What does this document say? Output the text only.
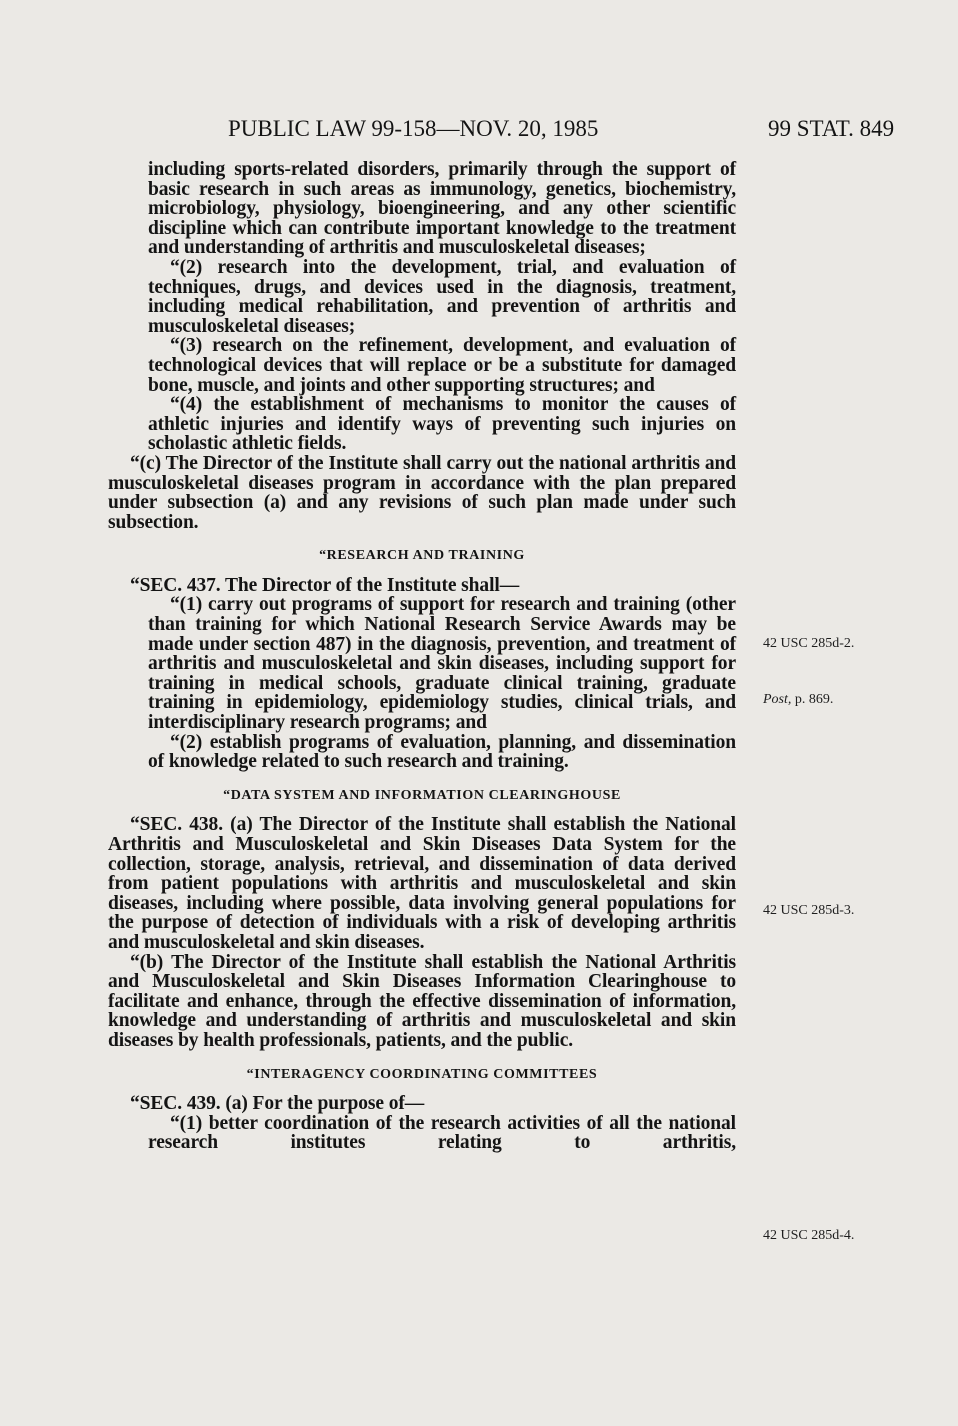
PUBLIC LAW 99-158—NOV. 20, 1985	99 STAT. 849

including sports-related disorders, primarily through the support of basic research in such areas as immunology, genetics, biochemistry, microbiology, physiology, bioengineering, and any other scientific discipline which can contribute important knowledge to the treatment and understanding of arthritis and musculoskeletal diseases;

“(2) research into the development, trial, and evaluation of techniques, drugs, and devices used in the diagnosis, treatment, including medical rehabilitation, and prevention of arthritis and musculoskeletal diseases;

“(3) research on the refinement, development, and evaluation of technological devices that will replace or be a substitute for damaged bone, muscle, and joints and other supporting structures; and

“(4) the establishment of mechanisms to monitor the causes of athletic injuries and identify ways of preventing such injuries on scholastic athletic fields.

“(c) The Director of the Institute shall carry out the national arthritis and musculoskeletal diseases program in accordance with the plan prepared under subsection (a) and any revisions of such plan made under such subsection.

“RESEARCH AND TRAINING

“SEC. 437. The Director of the Institute shall—

“(1) carry out programs of support for research and training (other than training for which National Research Service Awards may be made under section 487) in the diagnosis, prevention, and treatment of arthritis and musculoskeletal and skin diseases, including support for training in medical schools, graduate clinical training, graduate training in epidemiology, epidemiology studies, clinical trials, and interdisciplinary research programs; and

“(2) establish programs of evaluation, planning, and dissemination of knowledge related to such research and training.

“DATA SYSTEM AND INFORMATION CLEARINGHOUSE

“SEC. 438. (a) The Director of the Institute shall establish the National Arthritis and Musculoskeletal and Skin Diseases Data System for the collection, storage, analysis, retrieval, and dissemination of data derived from patient populations with arthritis and musculoskeletal and skin diseases, including where possible, data involving general populations for the purpose of detection of individuals with a risk of developing arthritis and musculoskeletal and skin diseases.

“(b) The Director of the Institute shall establish the National Arthritis and Musculoskeletal and Skin Diseases Information Clearinghouse to facilitate and enhance, through the effective dissemination of information, knowledge and understanding of arthritis and musculoskeletal and skin diseases by health professionals, patients, and the public.

“INTERAGENCY COORDINATING COMMITTEES

“SEC. 439. (a) For the purpose of—

“(1) better coordination of the research activities of all the national research institutes relating to arthritis,

42 USC 285d-2.
Post, p. 869.
42 USC 285d-3.
42 USC 285d-4.
